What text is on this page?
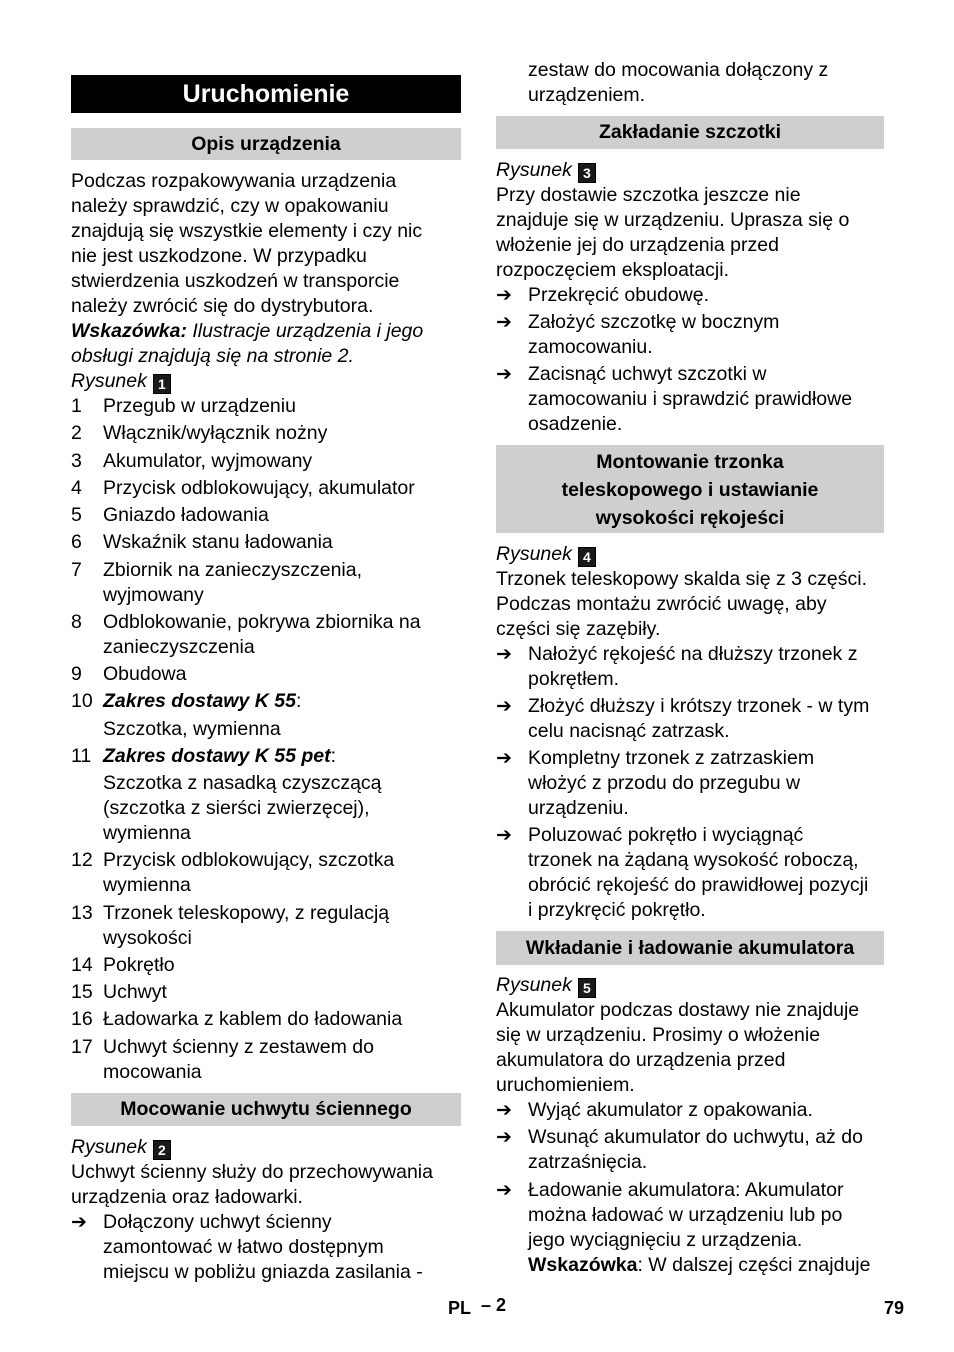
Uruchomienie
Opis urządzenia
Podczas rozpakowywania urządzenia
należy sprawdzić, czy w opakowaniu
znajdują się wszystkie elementy i czy nic
nie jest uszkodzone. W przypadku
stwierdzenia uszkodzeń w transporcie
należy zwrócić się do dystrybutora.
Wskazówka: Ilustracje urządzenia i jego
obsługi znajdują się na stronie 2.
Rysunek 1
1 Przegub w urządzeniu
2 Włącznik/wyłącznik nożny
3 Akumulator, wyjmowany
4 Przycisk odblokowujący, akumulator
5 Gniazdo ładowania
6 Wskaźnik stanu ładowania
7 Zbiornik na zanieczyszczenia,
wyjmowany
8 Odblokowanie, pokrywa zbiornika na
zanieczyszczenia
9 Obudowa
10 Zakres dostawy K 55:
Szczotka, wymienna
11 Zakres dostawy K 55 pet:
Szczotka z nasadką czyszczącą
(szczotka z sierści zwierzęcej),
wymienna
12 Przycisk odblokowujący, szczotka
wymienna
13 Trzonek teleskopowy, z regulacją
wysokości
14 Pokrętło
15 Uchwyt
16 Ładowarka z kablem do ładowania
17 Uchwyt ścienny z zestawem do
mocowania
Mocowanie uchwytu ściennego
Rysunek 2
Uchwyt ścienny służy do przechowywania
urządzenia oraz ładowarki.
➔ Dołączony uchwyt ścienny
zamontować w łatwo dostępnym
miejscu w pobliżu gniazda zasilania -
zestaw do mocowania dołączony z
urządzeniem.
Zakładanie szczotki
Rysunek 3
Przy dostawie szczotka jeszcze nie
znajduje się w urządzeniu. Uprasza się o
włożenie jej do urządzenia przed
rozpoczęciem eksploatacji.
➔ Przekręcić obudowę.
➔ Założyć szczotkę w bocznym
zamocowaniu.
➔ Zacisnąć uchwyt szczotki w
zamocowaniu i sprawdzić prawidłowe
osadzenie.
Montowanie trzonka
teleskopowego i ustawianie
wysokości rękojeści
Rysunek 4
Trzonek teleskopowy skalda się z 3 części.
Podczas montażu zwrócić uwagę, aby
części się zazębiły.
➔ Nałożyć rękojeść na dłuższy trzonek z
pokrętłem.
➔ Złożyć dłuższy i krótszy trzonek - w tym
celu nacisnąć zatrzask.
➔ Kompletny trzonek z zatrzaskiem
włożyć z przodu do przegubu w
urządzeniu.
➔ Poluzować pokrętło i wyciągnąć
trzonek na żądaną wysokość roboczą,
obrócić rękojeść do prawidłowej pozycji
i przykręcić pokrętło.
Wkładanie i ładowanie akumulatora
Rysunek 5
Akumulator podczas dostawy nie znajduje
się w urządzeniu. Prosimy o włożenie
akumulatora do urządzenia przed
uruchomieniem.
➔ Wyjąć akumulator z opakowania.
➔ Wsunąć akumulator do uchwytu, aż do
zatrzaśnięcia.
➔ Ładowanie akumulatora: Akumulator
można ładować w urządzeniu lub po
jego wyciągnięciu z urządzenia.
Wskazówka: W dalszej części znajduje
PL – 2	79
